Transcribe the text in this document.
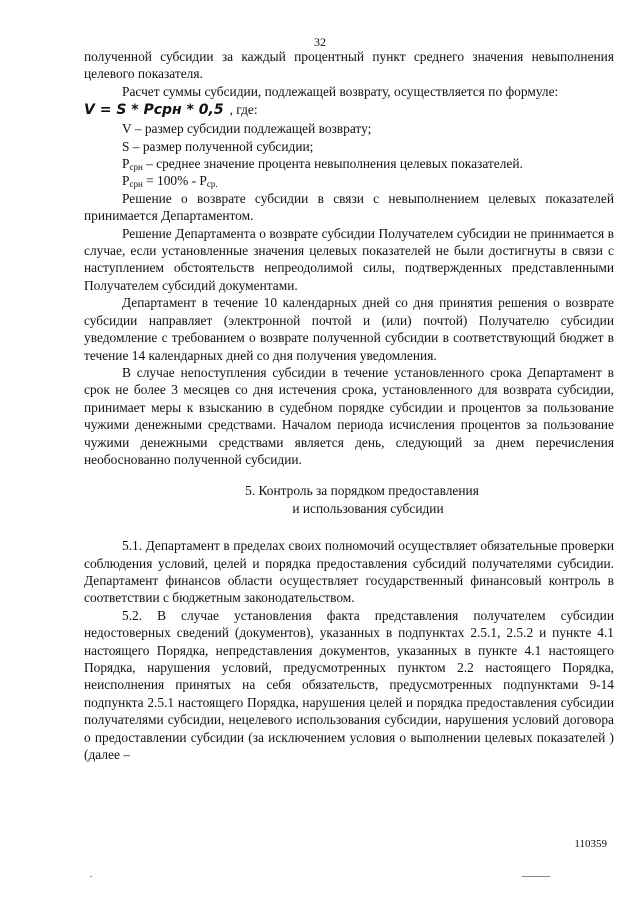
32

полученной субсидии за каждый процентный пункт среднего значения невыполнения целевого показателя.

Расчет суммы субсидии, подлежащей возврату, осуществляется по формуле:

V = S * Pсрн * 0,5 , где:

V – размер субсидии подлежащей возврату;

S – размер полученной субсидии;

$P_{срн}$ – среднее значение процента невыполнения целевых показателей.

$P_{срн} = 100\% - P_{ср.}$

Решение о возврате субсидии в связи с невыполнением целевых показателей принимается Департаментом.

Решение Департамента о возврате субсидии Получателем субсидии не принимается в случае, если установленные значения целевых показателей не были достигнуты в связи с наступлением обстоятельств непреодолимой силы, подтвержденных представленными Получателем субсидий документами.

Департамент в течение 10 календарных дней со дня принятия решения о возврате субсидии направляет (электронной почтой и (или) почтой) Получателю субсидии уведомление с требованием о возврате полученной субсидии в соответствующий бюджет в течение 14 календарных дней со дня получения уведомления.

В случае непоступления субсидии в течение установленного срока Департамент в срок не более 3 месяцев со дня истечения срока, установленного для возврата субсидии, принимает меры к взысканию в судебном порядке субсидии и процентов за пользование чужими денежными средствами. Началом периода исчисления процентов за пользование чужими денежными средствами является день, следующий за днем перечисления необоснованно полученной субсидии.

5. Контроль за порядком предоставления

и использования субсидии

5.1. Департамент в пределах своих полномочий осуществляет обязательные проверки соблюдения условий, целей и порядка предоставления субсидий получателями субсидии. Департамент финансов области осуществляет государственный финансовый контроль в соответствии с бюджетным законодательством.

5.2. В случае установления факта представления получателем субсидии недостоверных сведений (документов), указанных в подпунктах 2.5.1, 2.5.2 и пункте 4.1 настоящего Порядка, непредставления документов, указанных в пункте 4.1 настоящего Порядка, нарушения условий, предусмотренных пунктом 2.2 настоящего Порядка, неисполнения принятых на себя обязательств, предусмотренных подпунктами 9-14 подпункта 2.5.1 настоящего Порядка, нарушения целей и порядка предоставления субсидии получателями субсидии, нецелевого использования субсидии, нарушения условий договора о предоставлении субсидии (за исключением условия о выполнении целевых показателей ) (далее –

110359
